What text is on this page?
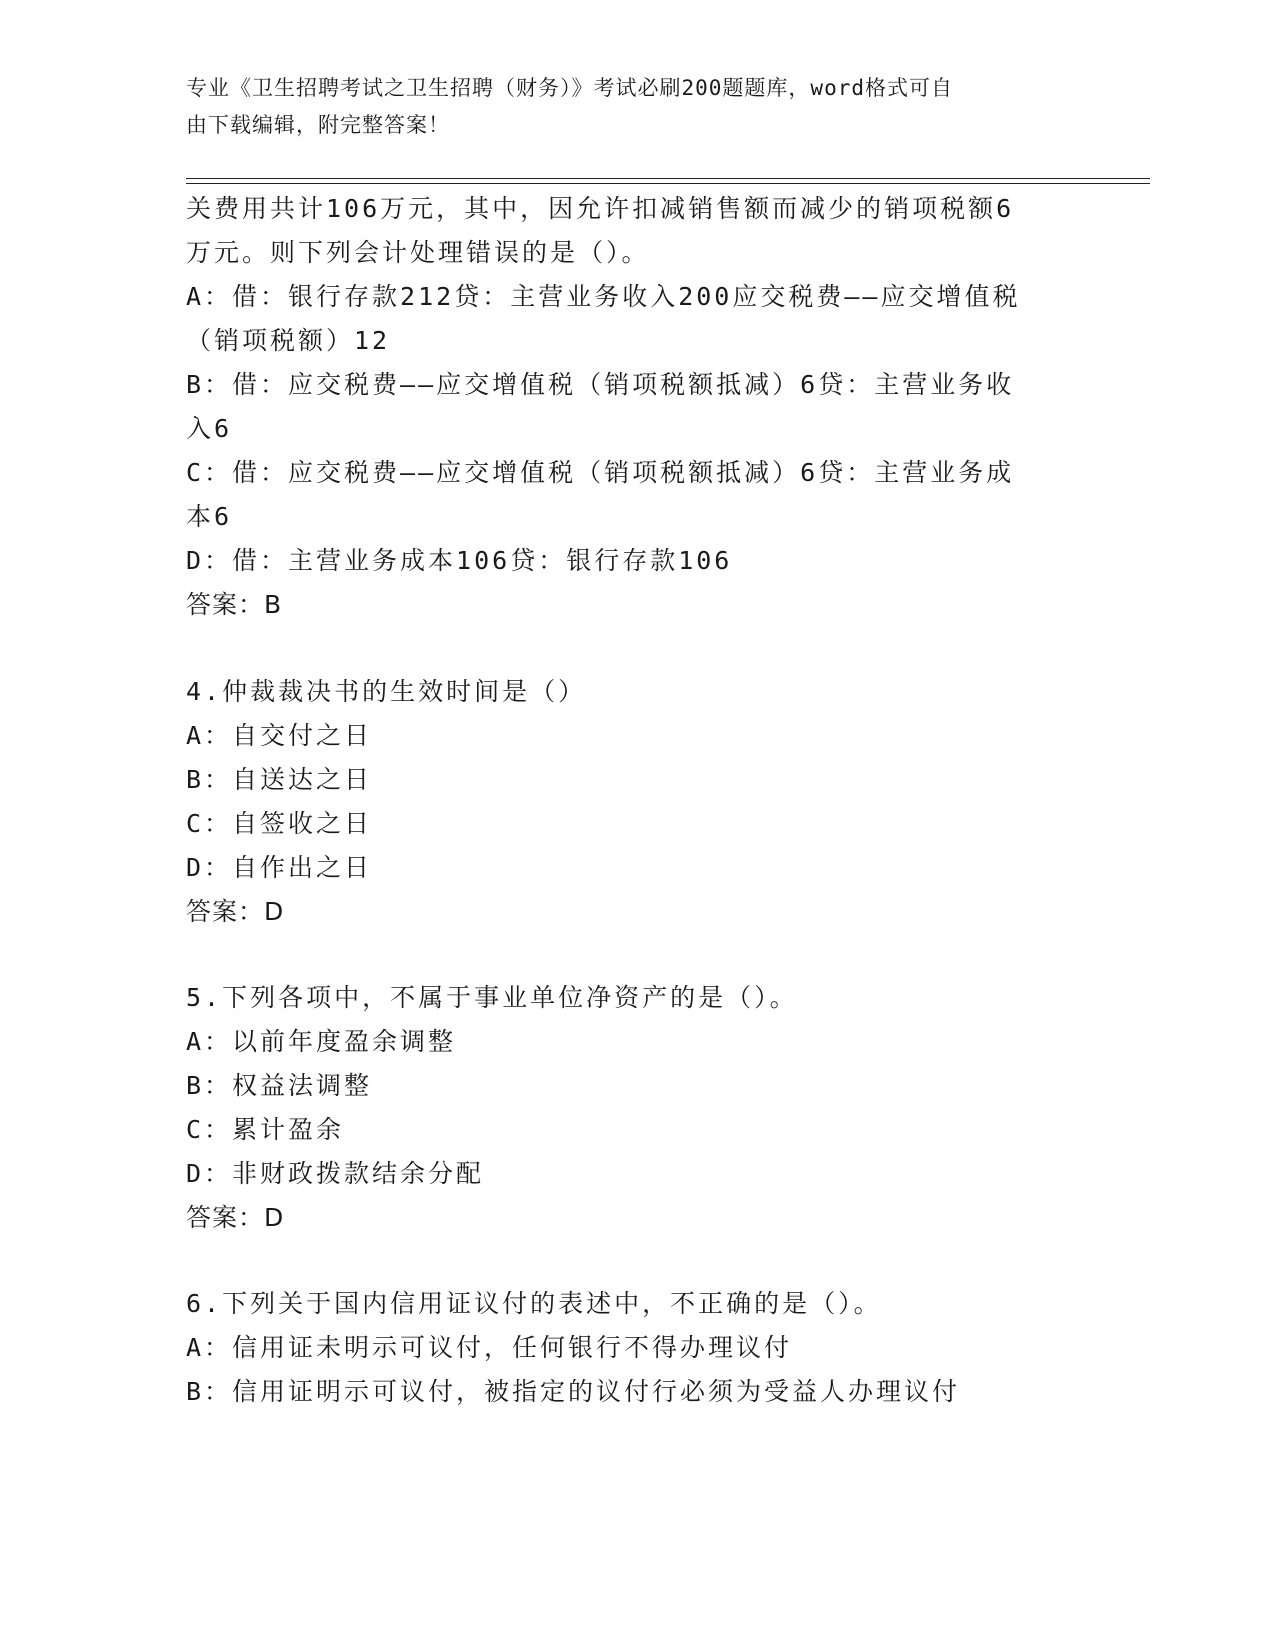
专业《卫生招聘考试之卫生招聘（财务）》考试必刷200题题库，word格式可自
由下载编辑，附完整答案！
关费用共计106万元，其中，因允许扣减销售额而减少的销项税额6
万元。则下列会计处理错误的是（）。
A：借：银行存款212贷：主营业务收入200应交税费——应交增值税
（销项税额）12
B：借：应交税费——应交增值税（销项税额抵减）6贷：主营业务收
入6
C：借：应交税费——应交增值税（销项税额抵减）6贷：主营业务成
本6
D：借：主营业务成本106贷：银行存款106
答案：B
4.仲裁裁决书的生效时间是（）
A：自交付之日
B：自送达之日
C：自签收之日
D：自作出之日
答案：D
5.下列各项中，不属于事业单位净资产的是（）。
A：以前年度盈余调整
B：权益法调整
C：累计盈余
D：非财政拨款结余分配
答案：D
6.下列关于国内信用证议付的表述中，不正确的是（）。
A：信用证未明示可议付，任何银行不得办理议付
B：信用证明示可议付，被指定的议付行必须为受益人办理议付
